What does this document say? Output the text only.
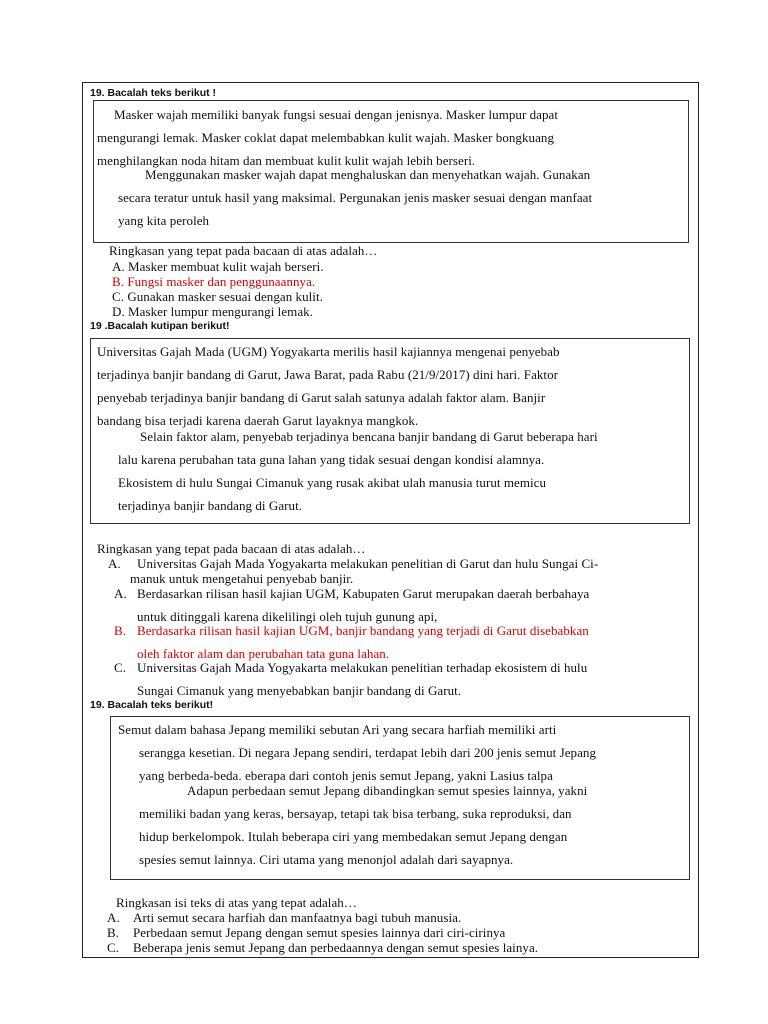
19. Bacalah teks berikut !
Masker wajah memiliki banyak fungsi sesuai dengan jenisnya. Masker lumpur dapat
mengurangi lemak. Masker coklat dapat melembabkan kulit wajah. Masker bongkuang
menghilangkan noda hitam dan membuat kulit kulit wajah lebih berseri.
Menggunakan masker wajah dapat menghaluskan dan menyehatkan wajah. Gunakan
secara teratur untuk hasil yang maksimal. Pergunakan jenis masker sesuai dengan manfaat
yang kita peroleh
Ringkasan yang tepat pada bacaan di atas adalah…
A. Masker membuat kulit wajah berseri.
B. Fungsi masker dan penggunaannya.
C. Gunakan masker sesuai dengan kulit.
D. Masker lumpur mengurangi lemak.
19 .Bacalah kutipan berikut!
Universitas Gajah Mada (UGM) Yogyakarta merilis hasil kajiannya mengenai penyebab
terjadinya banjir bandang di Garut, Jawa Barat, pada Rabu (21/9/2017) dini hari. Faktor
penyebab terjadinya banjir bandang di Garut salah satunya adalah faktor alam. Banjir
bandang bisa terjadi karena daerah Garut layaknya mangkok.
Selain faktor alam, penyebab terjadinya bencana banjir bandang di Garut beberapa hari
lalu karena perubahan tata guna lahan yang tidak sesuai dengan kondisi alamnya.
Ekosistem di hulu Sungai Cimanuk yang rusak akibat ulah manusia turut memicu
terjadinya banjir bandang di Garut.
Ringkasan yang tepat pada bacaan di atas adalah…
A. Universitas Gajah Mada Yogyakarta melakukan penelitian di Garut dan hulu Sungai Ci-
manuk untuk mengetahui penyebab banjir.
A. Berdasarkan rilisan hasil kajian UGM, Kabupaten Garut merupakan daerah berbahaya
untuk ditinggali karena dikelilingi oleh tujuh gunung api,
B. Berdasarka rilisan hasil kajian UGM, banjir bandang yang terjadi di Garut disebabkan
oleh faktor alam dan perubahan tata guna lahan.
C. Universitas Gajah Mada Yogyakarta melakukan penelitian terhadap ekosistem di hulu
Sungai Cimanuk yang menyebabkan banjir bandang di Garut.
19. Bacalah teks berikut!
Semut dalam bahasa Jepang memiliki sebutan Ari yang secara harfiah memiliki arti
serangga kesetian. Di negara Jepang sendiri, terdapat lebih dari 200 jenis semut Jepang
yang berbeda-beda. eberapa dari contoh jenis semut Jepang, yakni Lasius talpa
Adapun perbedaan semut Jepang dibandingkan semut spesies lainnya, yakni
memiliki badan yang keras, bersayap, tetapi tak bisa terbang, suka reproduksi, dan
hidup berkelompok. Itulah beberapa ciri yang membedakan semut Jepang dengan
spesies semut lainnya. Ciri utama yang menonjol adalah dari sayapnya.
Ringkasan isi teks di atas yang tepat adalah…
A. Arti semut secara harfiah dan manfaatnya bagi tubuh manusia.
B. Perbedaan semut Jepang dengan semut spesies lainnya dari ciri-cirinya
C. Beberapa jenis semut Jepang dan perbedaannya dengan semut spesies lainya.
